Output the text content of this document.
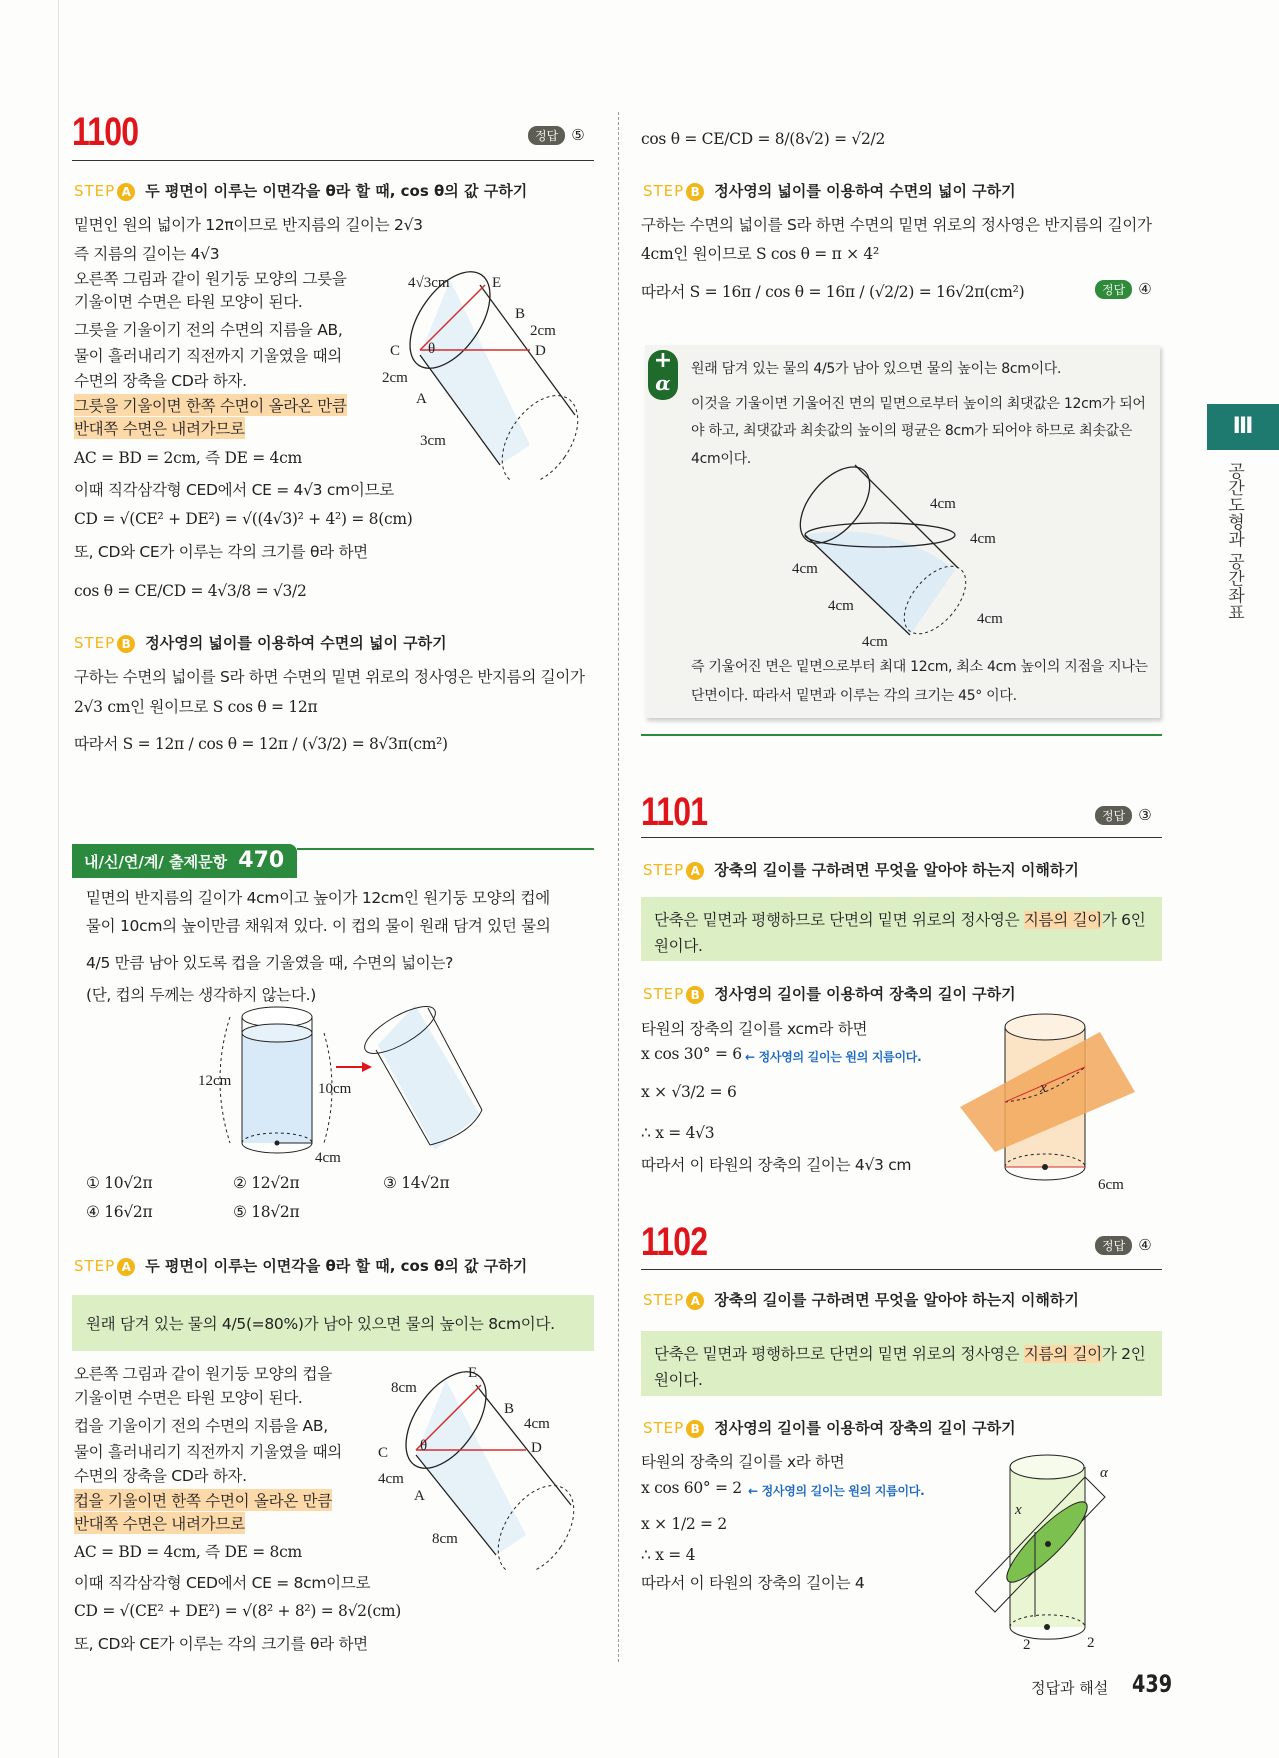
Ⅲ
공간도형과 공간좌표
1100	정답 ⑤
STEP A 두 평면이 이루는 이면각을 θ라 할 때, cos θ의 값 구하기
밑면인 원의 넓이가 12π이므로 반지름의 길이는 2√3
즉 지름의 길이는 4√3
오른쪽 그림과 같이 원기둥 모양의 그릇을
기울이면 수면은 타원 모양이 된다.
그릇을 기울이기 전의 수면의 지름을 AB,
물이 흘러내리기 직전까지 기울였을 때의
수면의 장축을 CD라 하자.
그릇을 기울이면 한쪽 수면이 올라온 만큼
반대쪽 수면은 내려가므로
AC = BD = 2cm, 즉 DE = 4cm
이때 직각삼각형 CED에서 CE = 4√3 cm이므로
CD = √(CE² + DE²) = √((4√3)² + 4²) = 8(cm)
또, CD와 CE가 이루는 각의 크기를 θ라 하면
cos θ = CE/CD = 4√3/8 = √3/2
4√3cm	E
B
2cm
C θ	D
2cm
A
3cm
STEP B 정사영의 넓이를 이용하여 수면의 넓이 구하기
구하는 수면의 넓이를 S라 하면 수면의 밑면 위로의 정사영은 반지름의 길이가
2√3 cm인 원이므로 S cos θ = 12π
따라서 S = 12π / cos θ = 12π / (√3/2) = 8√3π(cm²)
내/신/연/계/ 출제문항 470
밑면의 반지름의 길이가 4cm이고 높이가 12cm인 원기둥 모양의 컵에
물이 10cm의 높이만큼 채워져 있다. 이 컵의 물이 원래 담겨 있던 물의
4/5 만큼 남아 있도록 컵을 기울였을 때, 수면의 넓이는?
(단, 컵의 두께는 생각하지 않는다.)
12cm	10cm
4cm
① 10√2π	② 12√2π	③ 14√2π
④ 16√2π	⑤ 18√2π
STEP A 두 평면이 이루는 이면각을 θ라 할 때, cos θ의 값 구하기
원래 담겨 있는 물의 4/5(=80%)가 남아 있으면 물의 높이는 8cm이다.
오른쪽 그림과 같이 원기둥 모양의 컵을
기울이면 수면은 타원 모양이 된다.
컵을 기울이기 전의 수면의 지름을 AB,
물이 흘러내리기 직전까지 기울였을 때의
수면의 장축을 CD라 하자.
컵을 기울이면 한쪽 수면이 올라온 만큼
반대쪽 수면은 내려가므로
AC = BD = 4cm, 즉 DE = 8cm
이때 직각삼각형 CED에서 CE = 8cm이므로
CD = √(CE² + DE²) = √(8² + 8²) = 8√2(cm)
또, CD와 CE가 이루는 각의 크기를 θ라 하면
E
8cm
B
4cm
C θ	D
4cm
A
8cm
cos θ = CE/CD = 8/(8√2) = √2/2
STEP B 정사영의 넓이를 이용하여 수면의 넓이 구하기
구하는 수면의 넓이를 S라 하면 수면의 밑면 위로의 정사영은 반지름의 길이가
4cm인 원이므로 S cos θ = π × 4²
따라서 S = 16π / cos θ = 16π / (√2/2) = 16√2π(cm²)	정답 ④
+
α
원래 담겨 있는 물의 4/5가 남아 있으면 물의 높이는 8cm이다.
이것을 기울이면 기울어진 면의 밑면으로부터 높이의 최댓값은 12cm가 되어
야 하고, 최댓값과 최솟값의 높이의 평균은 8cm가 되어야 하므로 최솟값은
4cm이다.
4cm
4cm
4cm
4cm
4cm
4cm
즉 기울어진 면은 밑면으로부터 최대 12cm, 최소 4cm 높이의 지점을 지나는
단면이다. 따라서 밑면과 이루는 각의 크기는 45° 이다.
1101	정답 ③
STEP A 장축의 길이를 구하려면 무엇을 알아야 하는지 이해하기
단축은 밑면과 평행하므로 단면의 밑면 위로의 정사영은 지름의 길이가 6인
원이다.
STEP B 정사영의 길이를 이용하여 장축의 길이 구하기
타원의 장축의 길이를 xcm라 하면
x cos 30° = 6 ← 정사영의 길이는 원의 지름이다.
x × √3/2 = 6
∴ x = 4√3
따라서 이 타원의 장축의 길이는 4√3 cm
x
6cm
1102	정답 ④
STEP A 장축의 길이를 구하려면 무엇을 알아야 하는지 이해하기
단축은 밑면과 평행하므로 단면의 밑면 위로의 정사영은 지름의 길이가 2인
원이다.
STEP B 정사영의 길이를 이용하여 장축의 길이 구하기
타원의 장축의 길이를 x라 하면
x cos 60° = 2 ← 정사영의 길이는 원의 지름이다.
x × 1/2 = 2
∴ x = 4
따라서 이 타원의 장축의 길이는 4
α
x
2	2
정답과 해설 439
